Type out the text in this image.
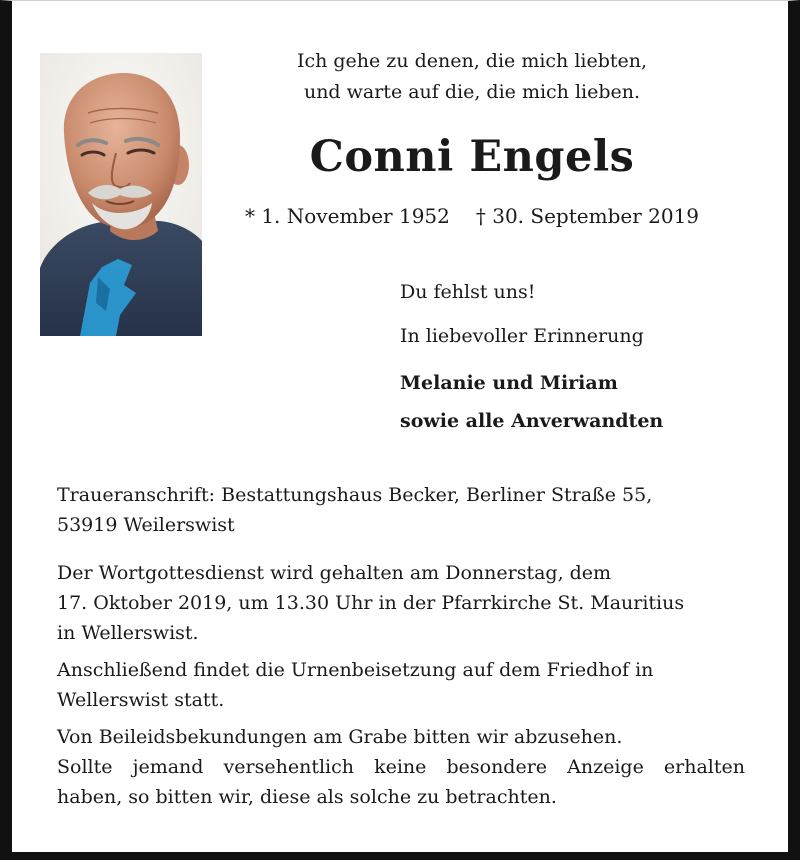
Ich gehe zu denen, die mich liebten,
und warte auf die, die mich lieben.
Conni Engels
* 1. November 1952 † 30. September 2019
Du fehlst uns!
In liebevoller Erinnerung
Melanie und Miriam
sowie alle Anverwandten
Traueranschrift: Bestattungshaus Becker, Berliner Straße 55,
53919 Weilerswist
Der Wortgottesdienst wird gehalten am Donnerstag, dem
17. Oktober 2019, um 13.30 Uhr in der Pfarrkirche St. Mauritius
in Wellerswist.
Anschließend findet die Urnenbeisetzung auf dem Friedhof in
Wellerswist statt.
Von Beileidsbekundungen am Grabe bitten wir abzusehen.
Sollte jemand versehentlich keine besondere Anzeige erhalten
haben, so bitten wir, diese als solche zu betrachten.
